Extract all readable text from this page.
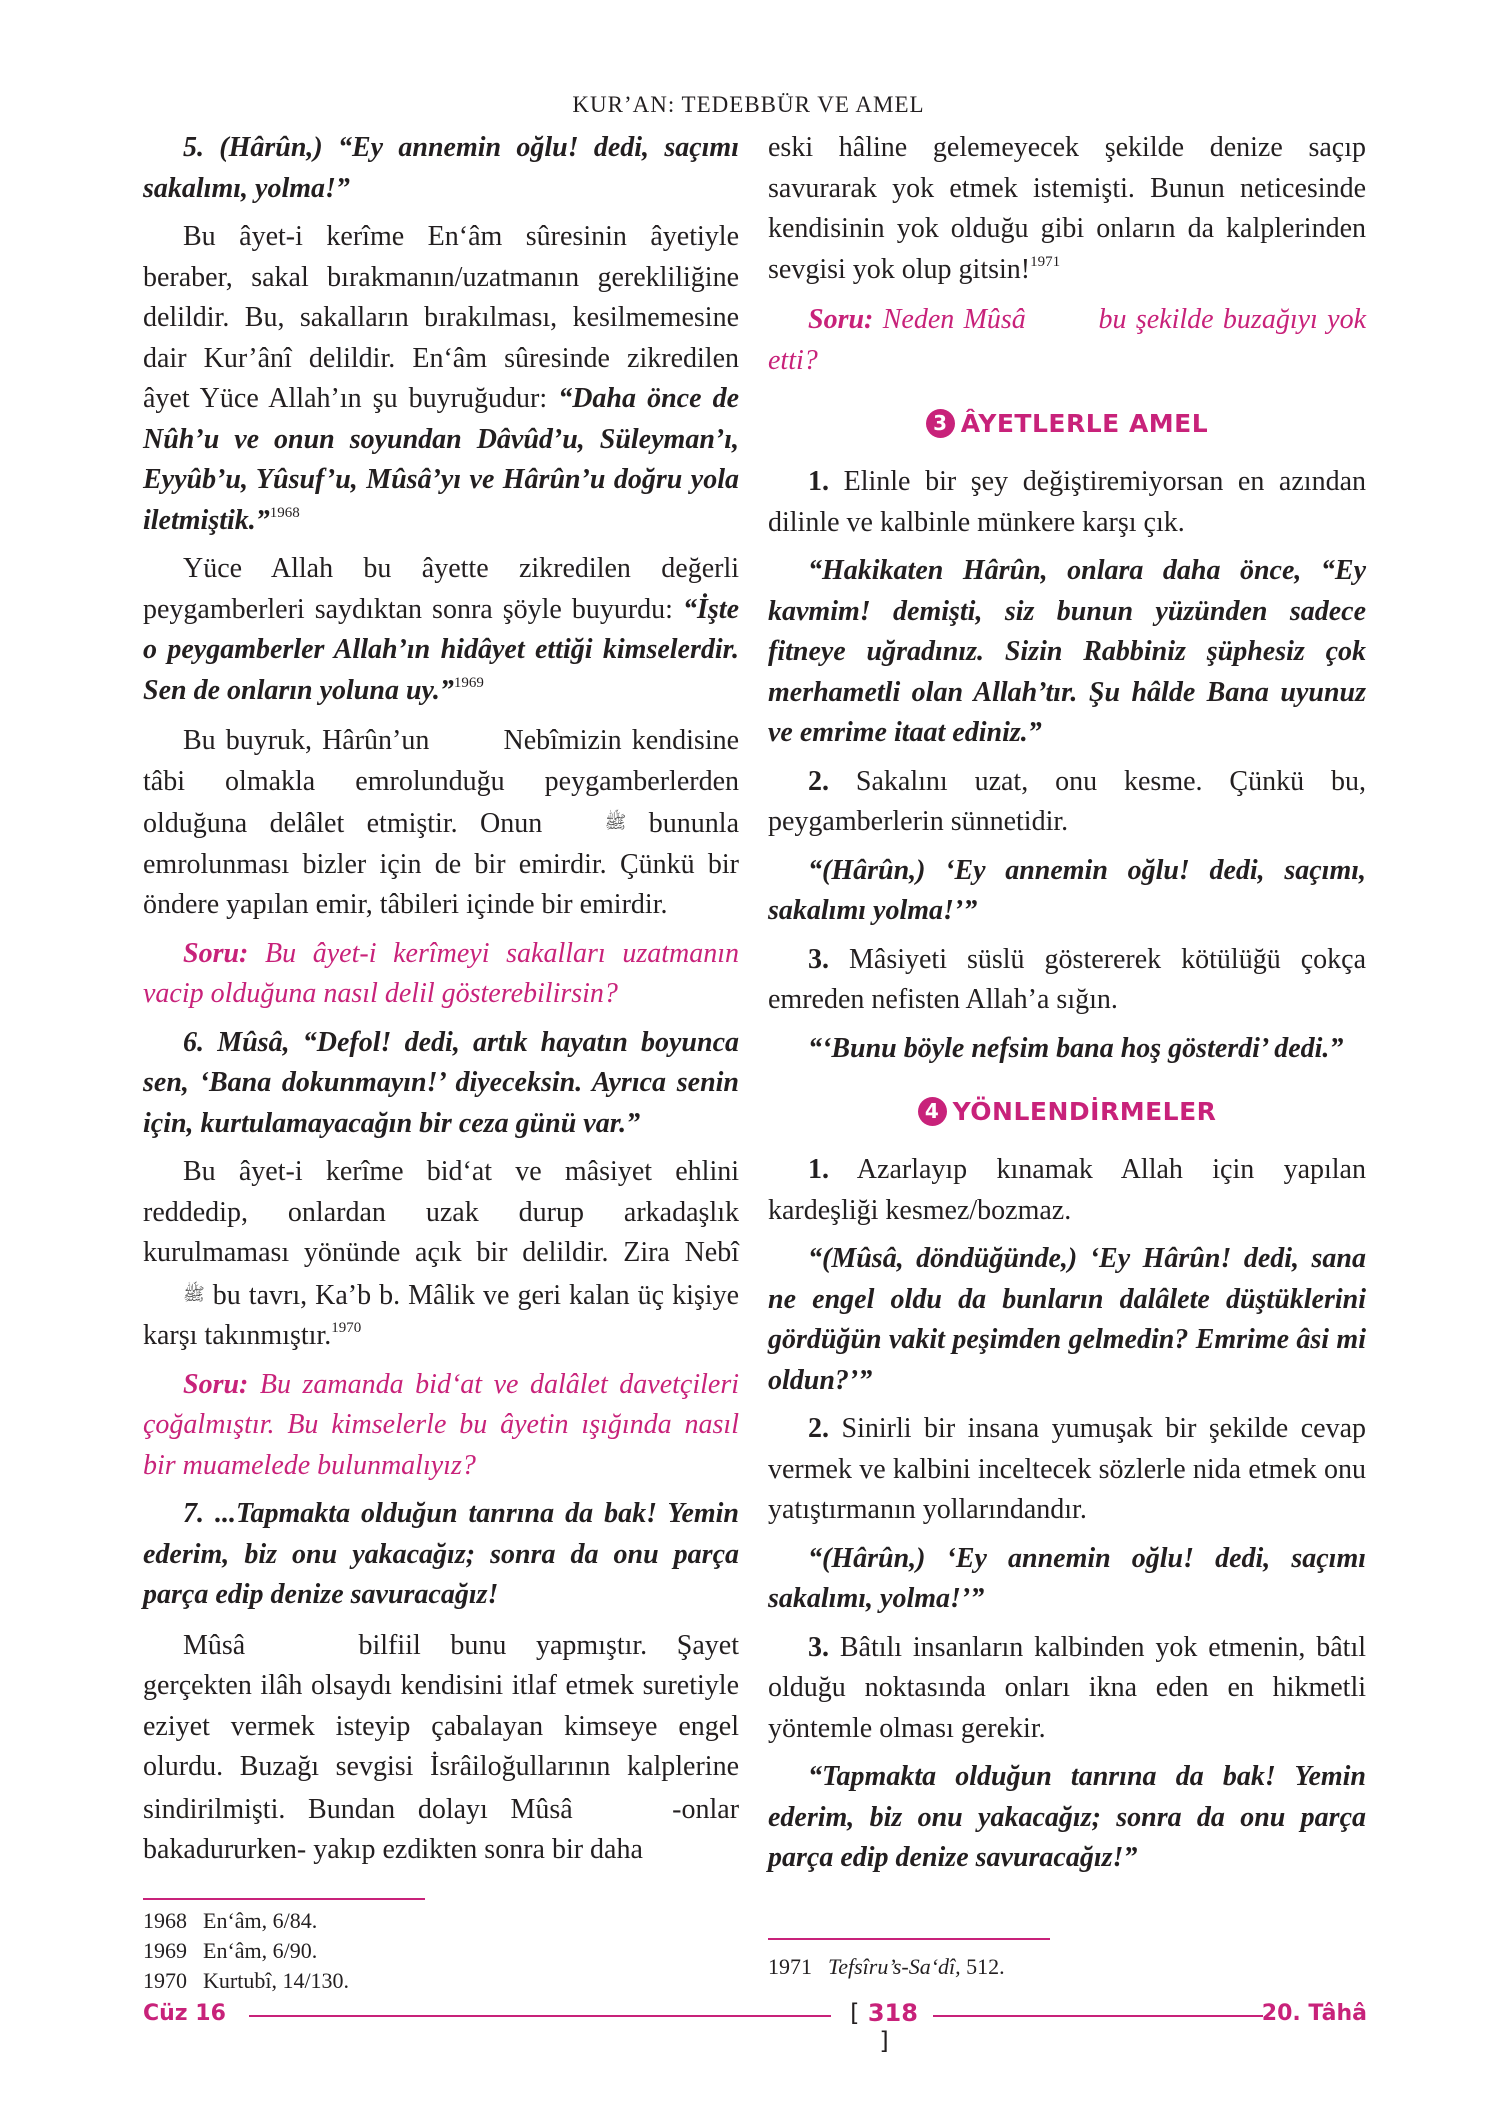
KUR’AN: TEDEBBÜR VE AMEL

5. (Hârûn,) “Ey annemin oğlu! dedi, saçımı sakalımı, yolma!”

Bu âyet-i kerîme En‘âm sûresinin âyetiyle beraber, sakal bırakmanın/uzatmanın gerekliliğine delildir. Bu, sakalların bırakılması, kesilmemesine dair Kur’ânî delildir. En‘âm sûresinde zikredilen âyet Yüce Allah’ın şu buyruğudur: “Daha önce de Nûh’u ve onun soyundan Dâvûd’u, Süleyman’ı, Eyyûb’u, Yûsuf’u, Mûsâ’yı ve Hârûn’u doğru yola iletmiştik.”$^{1968}$

Yüce Allah bu âyette zikredilen değerli peygamberleri saydıktan sonra şöyle buyurdu: “İşte o peygamberler Allah’ın hidâyet ettiği kimselerdir. Sen de onların yoluna uy.”$^{1969}$

Bu buyruk, Hârûn’un	﷤ Nebîmizin kendisine tâbi olmakla emrolunduğu peygamberlerden olduğuna delâlet etmiştir. Onun	ﷺ bununla emrolunması bizler için de bir emirdir. Çünkü bir öndere yapılan emir, tâbileri içinde bir emirdir.

Soru: Bu âyet-i kerîmeyi sakalları uzatmanın vacip olduğuna nasıl delil gösterebilirsin?

6. Mûsâ, “Defol! dedi, artık hayatın boyunca sen, ‘Bana dokunmayın!’ diyeceksin. Ayrıca senin için, kurtulamayacağın bir ceza günü var.”

Bu âyet-i kerîme bid‘at ve mâsiyet ehlini reddedip, onlardan uzak durup arkadaşlık kurulmaması yönünde açık bir delildir. Zira Nebî ﷺ bu tavrı, Ka’b b. Mâlik ve geri kalan üç kişiye karşı takınmıştır.$^{1970}$

Soru: Bu zamanda bid‘at ve dalâlet davetçileri çoğalmıştır. Bu kimselerle bu âyetin ışığında nasıl bir muamelede bulunmalıyız?

7. ...Tapmakta olduğun tanrına da bak! Yemin ederim, biz onu yakacağız; sonra da onu parça parça edip denize savuracağız!

Mûsâ	﷤ bilfiil bunu yapmıştır. Şayet gerçekten ilâh olsaydı kendisini itlaf etmek suretiyle eziyet vermek isteyip çabalayan kimseye engel olurdu. Buzağı sevgisi İsrâiloğullarının kalplerine sindirilmişti. Bundan dolayı Mûsâ	﷤ -onlar bakadururken- yakıp ezdikten sonra bir daha

eski hâline gelemeyecek şekilde denize saçıp savurarak yok etmek istemişti. Bunun neticesinde kendisinin yok olduğu gibi onların da kalplerinden sevgisi yok olup gitsin!$^{1971}$

Soru: Neden Mûsâ	﷤ bu şekilde buzağıyı yok etti?

3 ÂYETLERLE AMEL

1. Elinle bir şey değiştiremiyorsan en azından dilinle ve kalbinle münkere karşı çık.

“Hakikaten Hârûn, onlara daha önce, “Ey kavmim! demişti, siz bunun yüzünden sadece fitneye uğradınız. Sizin Rabbiniz şüphesiz çok merhametli olan Allah’tır. Şu hâlde Bana uyunuz ve emrime itaat ediniz.”

2. Sakalını uzat, onu kesme. Çünkü bu, peygamberlerin sünnetidir.

“(Hârûn,) ‘Ey annemin oğlu! dedi, saçımı, sakalımı yolma!’”

3. Mâsiyeti süslü göstererek kötülüğü çokça emreden nefisten Allah’a sığın.

“‘Bunu böyle nefsim bana hoş gösterdi’ dedi.”

4 YÖNLENDİRMELER

1. Azarlayıp kınamak Allah için yapılan kardeşliği kesmez/bozmaz.

“(Mûsâ, döndüğünde,) ‘Ey Hârûn! dedi, sana ne engel oldu da bunların dalâlete düştüklerini gördüğün vakit peşimden gelmedin? Emrime âsi mi oldun?’”

2. Sinirli bir insana yumuşak bir şekilde cevap vermek ve kalbini inceltecek sözlerle nida etmek onu yatıştırmanın yollarındandır.

“(Hârûn,) ‘Ey annemin oğlu! dedi, saçımı sakalımı, yolma!’”

3. Bâtılı insanların kalbinden yok etmenin, bâtıl olduğu noktasında onları ikna eden en hikmetli yöntemle olması gerekir.

“Tapmakta olduğun tanrına da bak! Yemin ederim, biz onu yakacağız; sonra da onu parça parça edip denize savuracağız!”

1968 En‘âm, 6/84.
1969 En‘âm, 6/90.
1970 Kurtubî, 14/130.
1971 Tefsîru’s-Sa‘dî, 512.
Cüz 16	[ 318 ]
20. Tâhâ
